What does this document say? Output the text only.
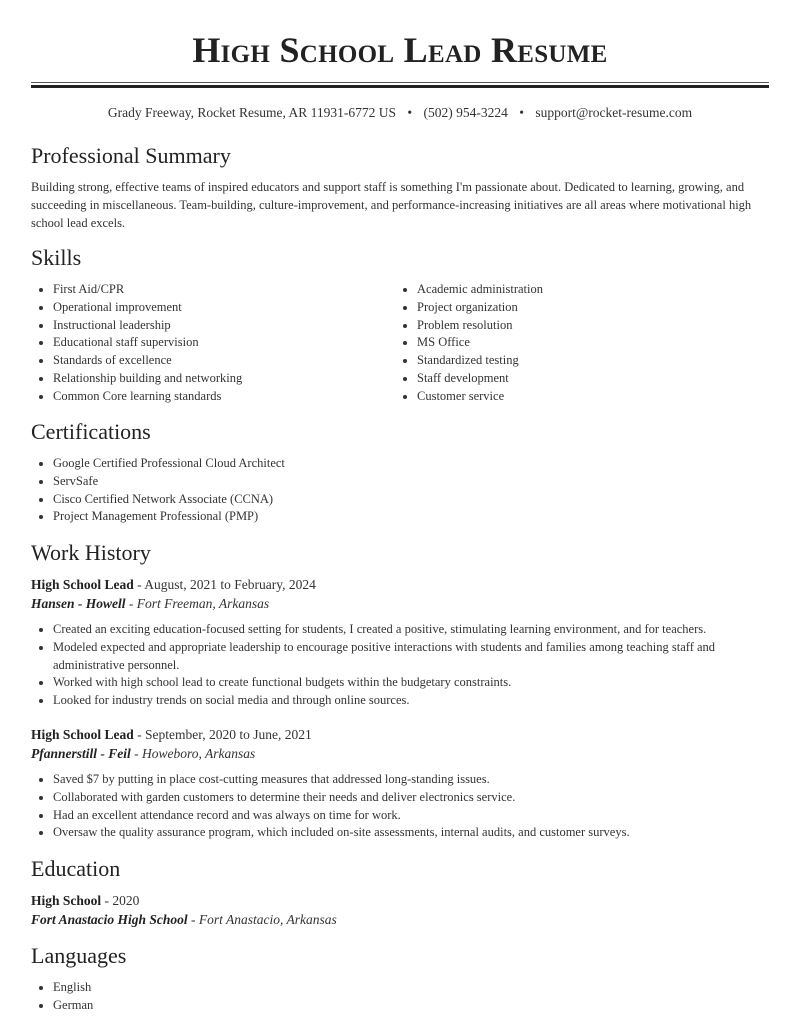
High School Lead Resume
Grady Freeway, Rocket Resume, AR 11931-6772 US • (502) 954-3224 • support@rocket-resume.com
Professional Summary

Building strong, effective teams of inspired educators and support staff is something I'm passionate about. Dedicated to learning, growing, and succeeding in miscellaneous. Team-building, culture-improvement, and performance-increasing initiatives are all areas where motivational high school lead excels.

Skills
• First Aid/CPR
• Operational improvement
• Instructional leadership
• Educational staff supervision
• Standards of excellence
• Relationship building and networking
• Common Core learning standards
• Academic administration
• Project organization
• Problem resolution
• MS Office
• Standardized testing
• Staff development
• Customer service
Certifications
• Google Certified Professional Cloud Architect
• ServSafe
• Cisco Certified Network Associate (CCNA)
• Project Management Professional (PMP)
Work History
High School Lead - August, 2021 to February, 2024
Hansen - Howell - Fort Freeman, Arkansas
• Created an exciting education-focused setting for students, I created a positive, stimulating learning environment, and for teachers.
• Modeled expected and appropriate leadership to encourage positive interactions with students and families among teaching staff and administrative personnel.
• Worked with high school lead to create functional budgets within the budgetary constraints.
• Looked for industry trends on social media and through online sources.
High School Lead - September, 2020 to June, 2021
Pfannerstill - Feil - Howeboro, Arkansas
• Saved $7 by putting in place cost-cutting measures that addressed long-standing issues.
• Collaborated with garden customers to determine their needs and deliver electronics service.
• Had an excellent attendance record and was always on time for work.
• Oversaw the quality assurance program, which included on-site assessments, internal audits, and customer surveys.
Education
High School - 2020
Fort Anastacio High School - Fort Anastacio, Arkansas
Languages
• English
• German
